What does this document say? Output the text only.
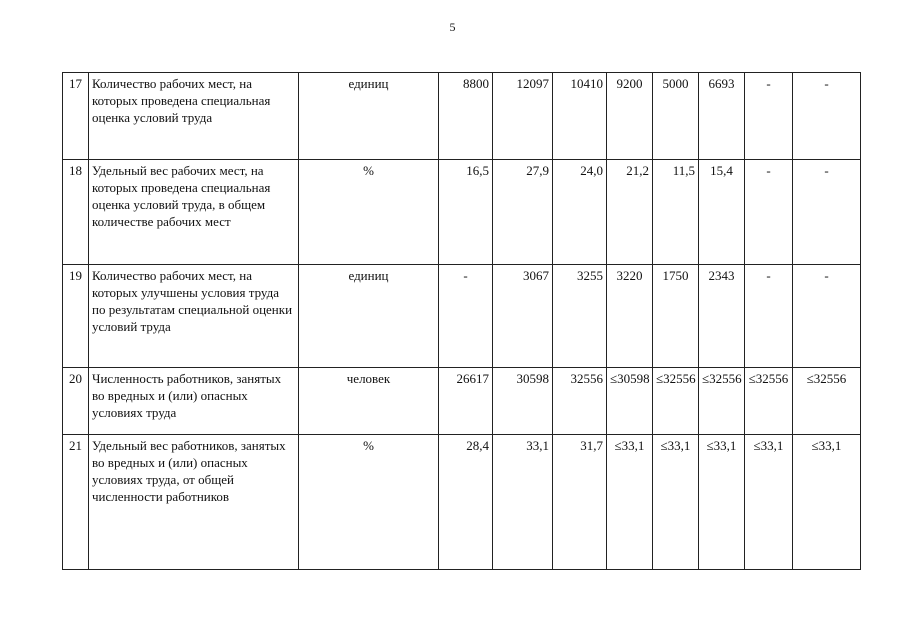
5
17	Количество рабочих мест, на которых проведена специальная оценка условий труда	единиц	8800	12097	10410	9200	5000	6693	-	-
18	Удельный вес рабочих мест, на которых проведена специальная оценка условий труда, в общем количестве рабочих мест	%	16,5	27,9	24,0	21,2	11,5	15,4	-	-
19	Количество рабочих мест, на которых улучшены условия труда по результатам специальной оценки условий труда	единиц	-	3067	3255	3220	1750	2343	-	-
20	Численность работников, занятых во вредных и (или) опасных условиях труда	человек	26617	30598	32556	≤30598	≤32556	≤32556	≤32556	≤32556
21	Удельный вес работников, занятых во вредных и (или) опасных условиях труда, от общей численности работников	%	28,4	33,1	31,7	≤33,1	≤33,1	≤33,1	≤33,1	≤33,1
